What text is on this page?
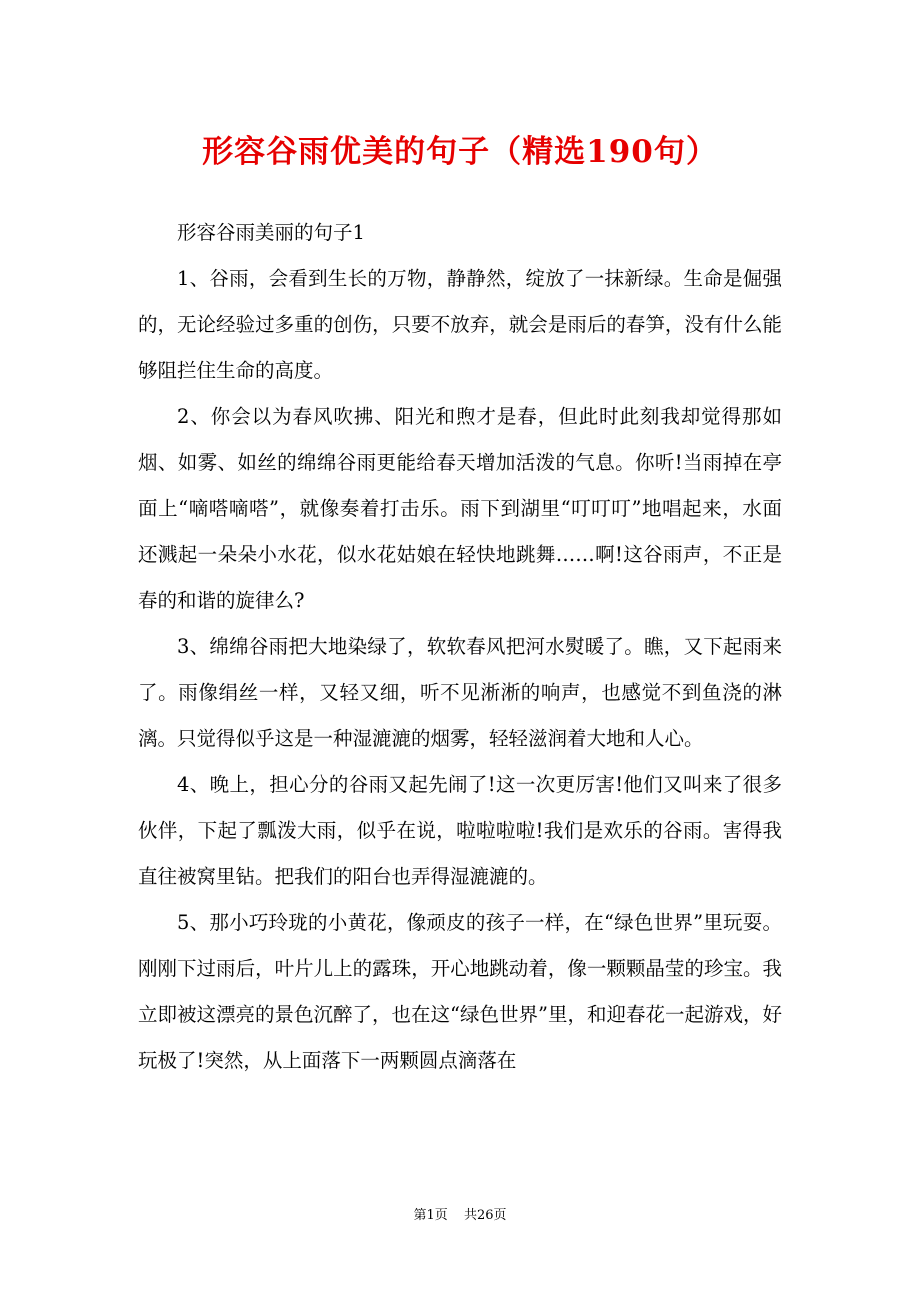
形容谷雨优美的句子（精选190句）

形容谷雨美丽的句子1

1、谷雨，会看到生长的万物，静静然，绽放了一抹新绿。生命是倔强的，无论经验过多重的创伤，只要不放弃，就会是雨后的春笋，没有什么能够阻拦住生命的高度。

2、你会以为春风吹拂、阳光和煦才是春，但此时此刻我却觉得那如烟、如雾、如丝的绵绵谷雨更能给春天增加活泼的气息。你听!当雨掉在亭面上“嘀嗒嘀嗒”，就像奏着打击乐。雨下到湖里“叮叮叮”地唱起来，水面还溅起一朵朵小水花，似水花姑娘在轻快地跳舞……啊!这谷雨声，不正是春的和谐的旋律么?

3、绵绵谷雨把大地染绿了，软软春风把河水熨暖了。瞧，又下起雨来了。雨像绢丝一样，又轻又细，听不见淅淅的响声，也感觉不到鱼浇的淋漓。只觉得似乎这是一种湿漉漉的烟雾，轻轻滋润着大地和人心。

4、晚上，担心分的谷雨又起先闹了!这一次更厉害!他们又叫来了很多伙伴，下起了瓢泼大雨，似乎在说，啦啦啦啦!我们是欢乐的谷雨。害得我直往被窝里钻。把我们的阳台也弄得湿漉漉的。

5、那小巧玲珑的小黄花，像顽皮的孩子一样，在“绿色世界”里玩耍。刚刚下过雨后，叶片儿上的露珠，开心地跳动着，像一颗颗晶莹的珍宝。我立即被这漂亮的景色沉醉了，也在这“绿色世界”里，和迎春花一起游戏，好玩极了!突然，从上面落下一两颗圆点滴落在

第1页 共26页
